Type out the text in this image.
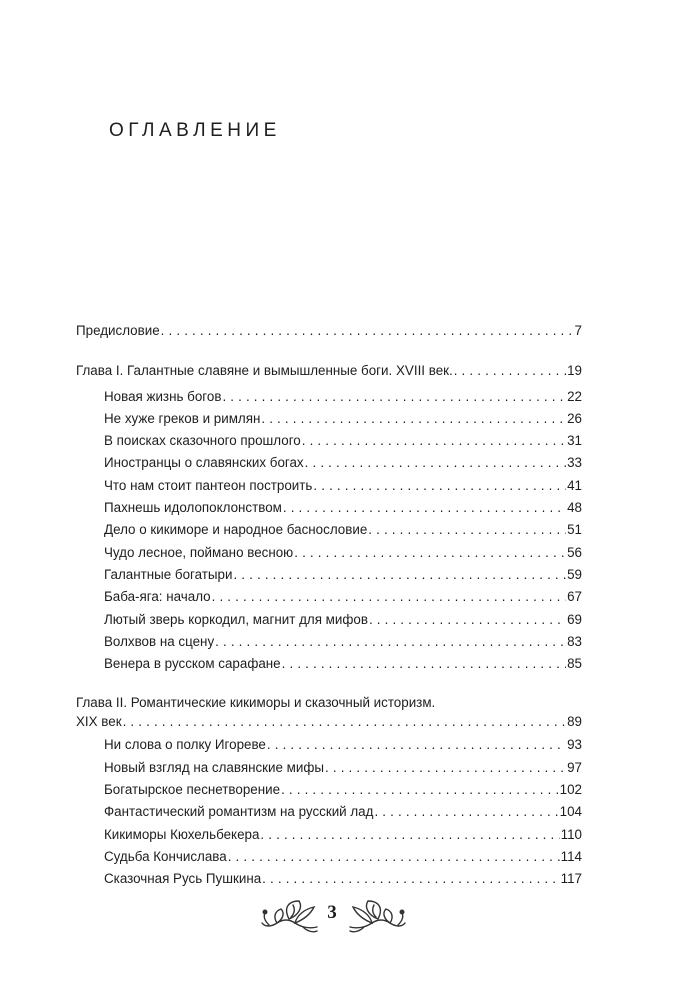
ОГЛАВЛЕНИЕ
Предисловие . . .	7
Глава I. Галантные славяне и вымышленные боги. XVIII век. . . .	19
Новая жизнь богов . . .	22
Не хуже греков и римлян . . .	26
В поисках сказочного прошлого . . .	31
Иностранцы о славянских богах . . .	33
Что нам стоит пантеон построить . . .	41
Пахнешь идолопоклонством . . .	48
Дело о кикиморе и народное баснословие . . .	51
Чудо лесное, поймано весною . . .	56
Галантные богатыри . . .	59
Баба-яга: начало . . .	67
Лютый зверь коркодил, магнит для мифов . . .	69
Волхвов на сцену . . .	83
Венера в русском сарафане . . .	85
Глава II. Романтические кикиморы и сказочный историзм.
XIX век . . .	89
Ни слова о полку Игореве . . .	93
Новый взгляд на славянские мифы . . .	97
Богатырское песнетворение . . .	102
Фантастический романтизм на русский лад . . .	104
Кикиморы Кюхельбекера . . .	110
Судьба Кончислава . . .	114
Сказочная Русь Пушкина . . .	117
3
